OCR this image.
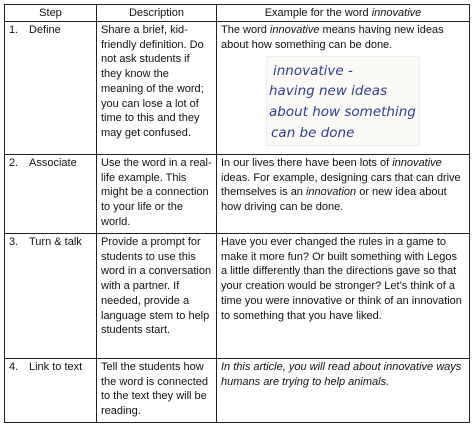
Step	Description	Example for the word innovative
1. Define	Share a brief, kid-friendly definition. Do not ask students if they know the meaning of the word; you can lose a lot of time to this and they may get confused.	The word innovative means having new ideas about how something can be done.
innovative -
having new ideas
about how something
can be done

2. Associate	Use the word in a real-life example. This might be a connection to your life or the world.	In our lives there have been lots of innovative ideas. For example, designing cars that can drive themselves is an innovation or new idea about how driving can be done.
3. Turn & talk	Provide a prompt for students to use this word in a conversation with a partner. If needed, provide a language stem to help students start.	Have you ever changed the rules in a game to make it more fun? Or built something with Legos a little differently than the directions gave so that your creation would be stronger? Let’s think of a time you were innovative or think of an innovation to something that you have liked.
4. Link to text	Tell the students how the word is connected to the text they will be reading.	In this article, you will read about innovative ways humans are trying to help animals.
